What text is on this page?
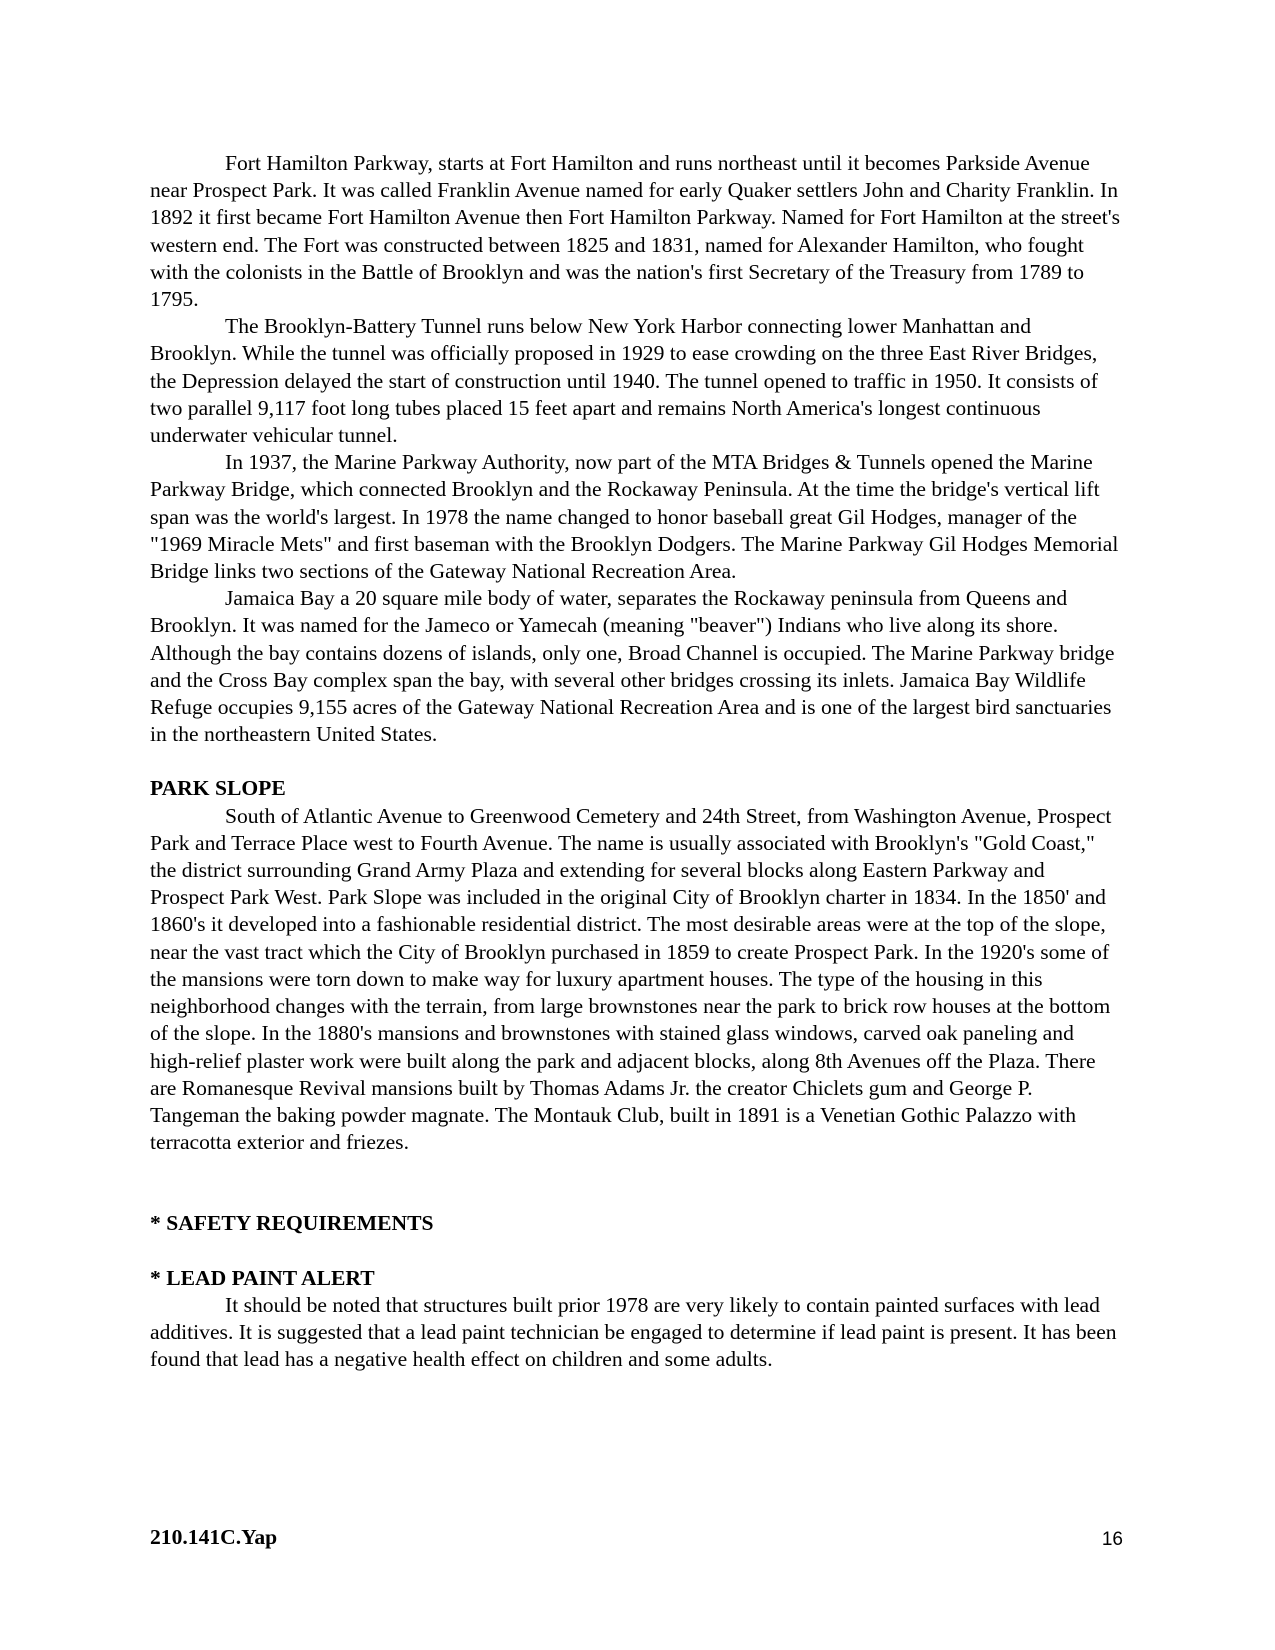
Fort Hamilton Parkway, starts at Fort Hamilton and runs northeast until it becomes Parkside Avenue near Prospect Park. It was called Franklin Avenue named for early Quaker settlers John and Charity Franklin. In 1892 it first became Fort Hamilton Avenue then Fort Hamilton Parkway. Named for Fort Hamilton at the street's western end. The Fort was constructed between 1825 and 1831, named for Alexander Hamilton, who fought with the colonists in the Battle of Brooklyn and was the nation's first Secretary of the Treasury from 1789 to 1795.

The Brooklyn-Battery Tunnel runs below New York Harbor connecting lower Manhattan and Brooklyn. While the tunnel was officially proposed in 1929 to ease crowding on the three East River Bridges, the Depression delayed the start of construction until 1940. The tunnel opened to traffic in 1950. It consists of two parallel 9,117 foot long tubes placed 15 feet apart and remains North America's longest continuous underwater vehicular tunnel.

In 1937, the Marine Parkway Authority, now part of the MTA Bridges & Tunnels opened the Marine Parkway Bridge, which connected Brooklyn and the Rockaway Peninsula. At the time the bridge's vertical lift span was the world's largest. In 1978 the name changed to honor baseball great Gil Hodges, manager of the "1969 Miracle Mets" and first baseman with the Brooklyn Dodgers. The Marine Parkway Gil Hodges Memorial Bridge links two sections of the Gateway National Recreation Area.

Jamaica Bay a 20 square mile body of water, separates the Rockaway peninsula from Queens and Brooklyn. It was named for the Jameco or Yamecah (meaning "beaver") Indians who live along its shore. Although the bay contains dozens of islands, only one, Broad Channel is occupied. The Marine Parkway bridge and the Cross Bay complex span the bay, with several other bridges crossing its inlets. Jamaica Bay Wildlife Refuge occupies 9,155 acres of the Gateway National Recreation Area and is one of the largest bird sanctuaries in the northeastern United States.

PARK SLOPE

South of Atlantic Avenue to Greenwood Cemetery and 24th Street, from Washington Avenue, Prospect Park and Terrace Place west to Fourth Avenue. The name is usually associated with Brooklyn's "Gold Coast," the district surrounding Grand Army Plaza and extending for several blocks along Eastern Parkway and Prospect Park West. Park Slope was included in the original City of Brooklyn charter in 1834. In the 1850' and 1860's it developed into a fashionable residential district. The most desirable areas were at the top of the slope, near the vast tract which the City of Brooklyn purchased in 1859 to create Prospect Park. In the 1920's some of the mansions were torn down to make way for luxury apartment houses. The type of the housing in this neighborhood changes with the terrain, from large brownstones near the park to brick row houses at the bottom of the slope. In the 1880's mansions and brownstones with stained glass windows, carved oak paneling and high-relief plaster work were built along the park and adjacent blocks, along 8th Avenues off the Plaza. There are Romanesque Revival mansions built by Thomas Adams Jr. the creator Chiclets gum and George P. Tangeman the baking powder magnate. The Montauk Club, built in 1891 is a Venetian Gothic Palazzo with terracotta exterior and friezes.

* SAFETY REQUIREMENTS
* LEAD PAINT ALERT

It should be noted that structures built prior 1978 are very likely to contain painted surfaces with lead additives. It is suggested that a lead paint technician be engaged to determine if lead paint is present. It has been found that lead has a negative health effect on children and some adults.

210.141C.Yap	16
